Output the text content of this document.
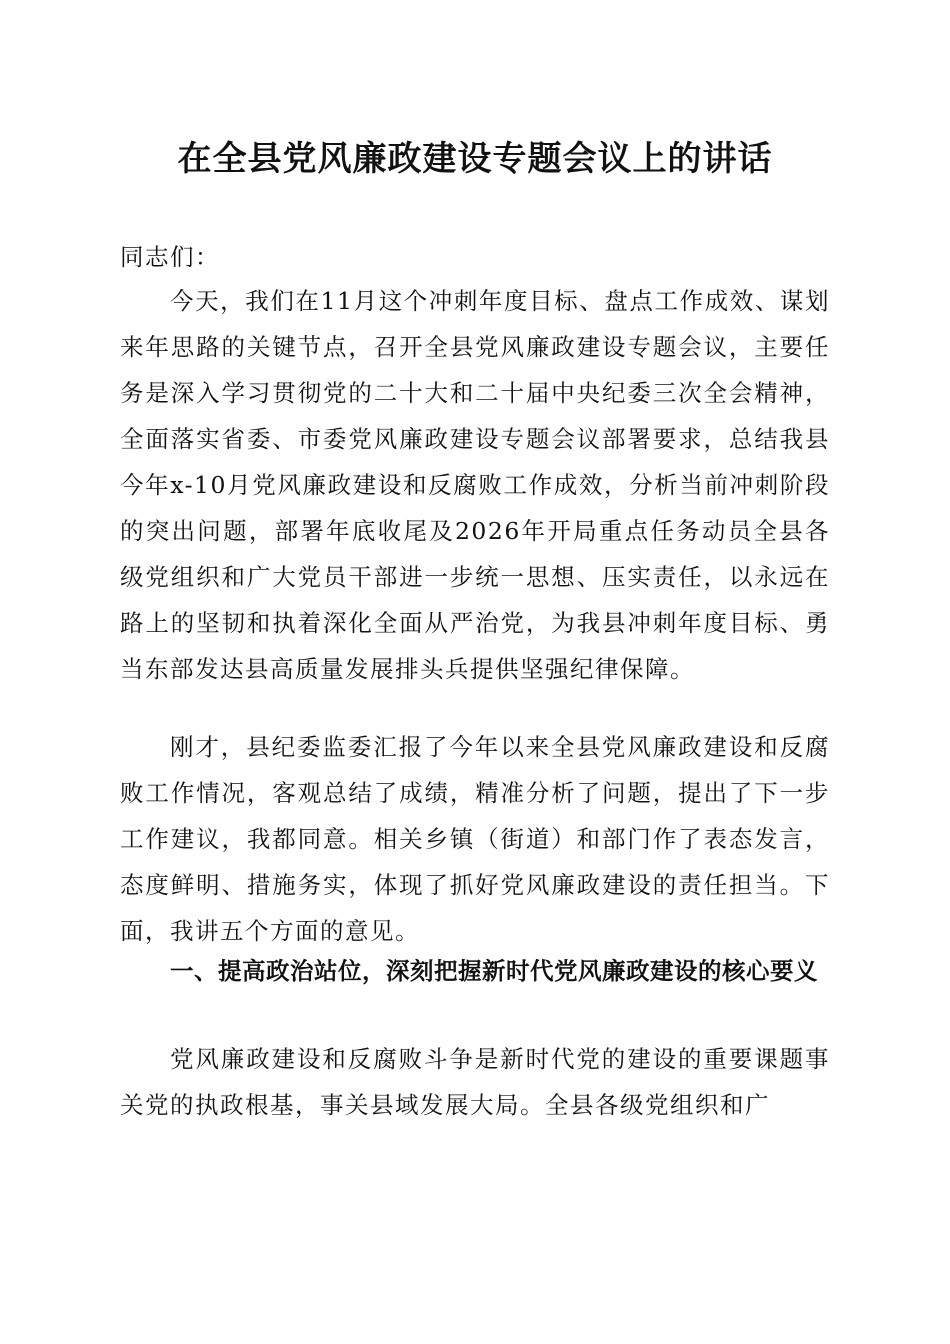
在全县党风廉政建设专题会议上的讲话
同志们：
今天，我们在11月这个冲刺年度目标、盘点工作成效、谋划来年思路的关键节点，召开全县党风廉政建设专题会议，主要任务是深入学习贯彻党的二十大和二十届中央纪委三次全会精神，全面落实省委、市委党风廉政建设专题会议部署要求，总结我县今年x-10月党风廉政建设和反腐败工作成效，分析当前冲刺阶段的突出问题，部署年底收尾及2026年开局重点任务动员全县各级党组织和广大党员干部进一步统一思想、压实责任，以永远在路上的坚韧和执着深化全面从严治党，为我县冲刺年度目标、勇当东部发达县高质量发展排头兵提供坚强纪律保障。
刚才，县纪委监委汇报了今年以来全县党风廉政建设和反腐败工作情况，客观总结了成绩，精准分析了问题，提出了下一步工作建议，我都同意。相关乡镇（街道）和部门作了表态发言，态度鲜明、措施务实，体现了抓好党风廉政建设的责任担当。下面，我讲五个方面的意见。
一、提高政治站位，深刻把握新时代党风廉政建设的核心要义
党风廉政建设和反腐败斗争是新时代党的建设的重要课题事关党的执政根基，事关县域发展大局。全县各级党组织和广
